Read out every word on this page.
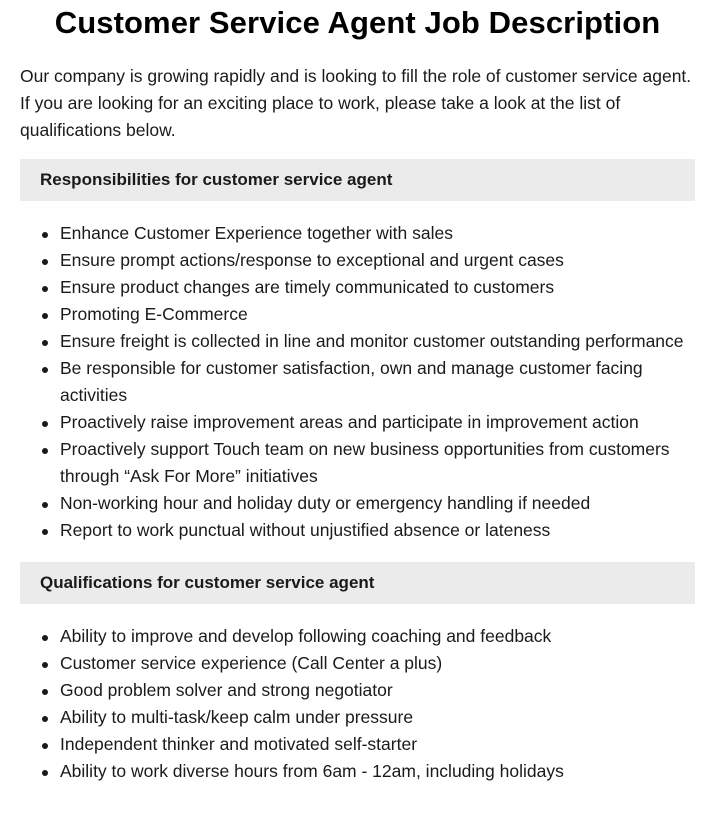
Customer Service Agent Job Description

Our company is growing rapidly and is looking to fill the role of customer service agent. If you are looking for an exciting place to work, please take a look at the list of qualifications below.

Responsibilities for customer service agent
Enhance Customer Experience together with sales
Ensure prompt actions/response to exceptional and urgent cases
Ensure product changes are timely communicated to customers
Promoting E-Commerce
Ensure freight is collected in line and monitor customer outstanding performance
Be responsible for customer satisfaction, own and manage customer facing activities
Proactively raise improvement areas and participate in improvement action
Proactively support Touch team on new business opportunities from customers through “Ask For More” initiatives
Non-working hour and holiday duty or emergency handling if needed
Report to work punctual without unjustified absence or lateness
Qualifications for customer service agent
Ability to improve and develop following coaching and feedback
Customer service experience (Call Center a plus)
Good problem solver and strong negotiator
Ability to multi-task/keep calm under pressure
Independent thinker and motivated self-starter
Ability to work diverse hours from 6am - 12am, including holidays
